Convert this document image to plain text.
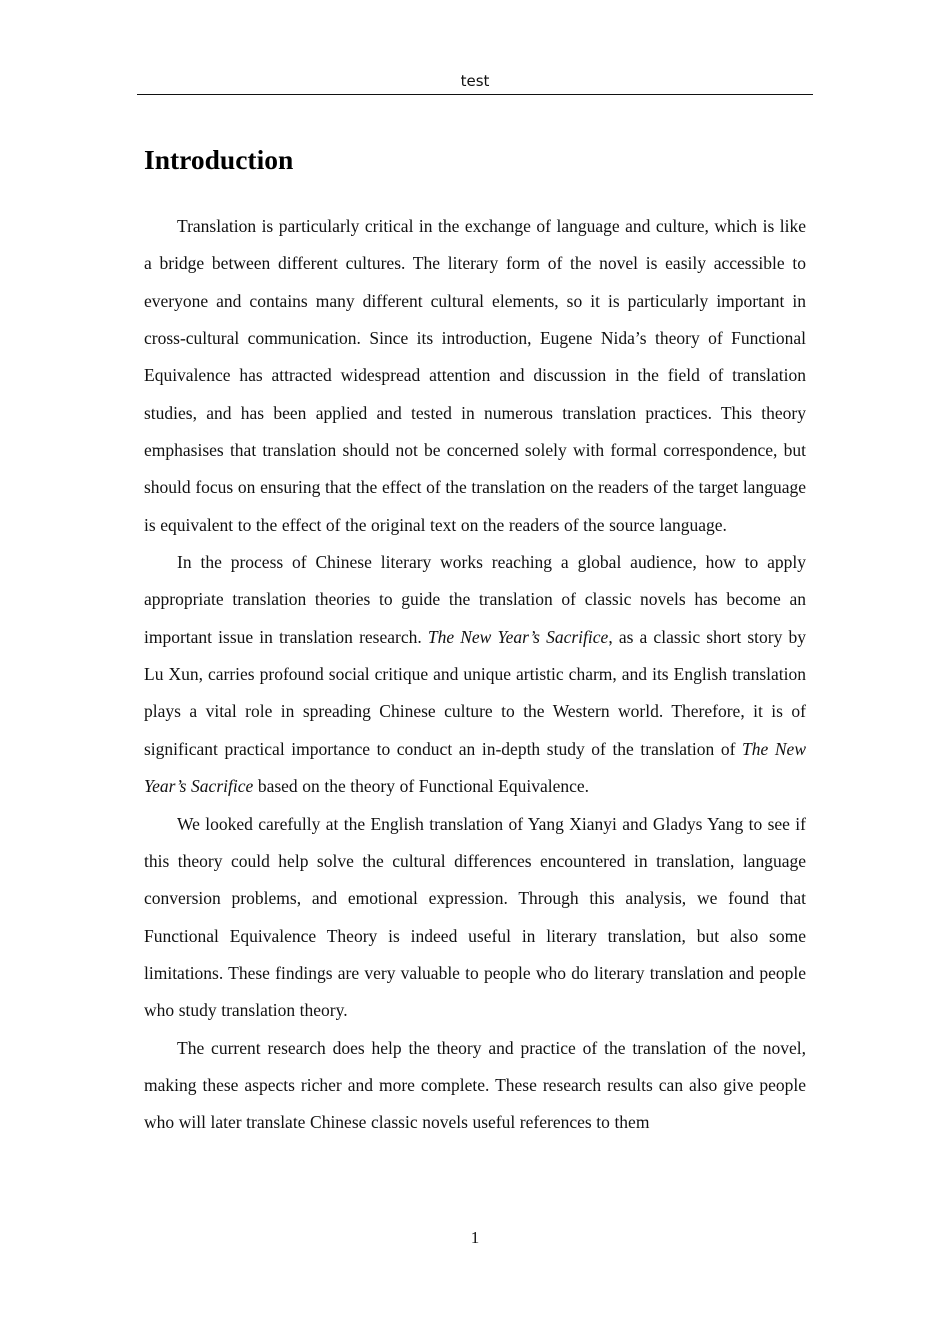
test
Introduction

Translation is particularly critical in the exchange of language and culture, which is like a bridge between different cultures. The literary form of the novel is easily accessible to everyone and contains many different cultural elements, so it is particularly important in cross-cultural communication. Since its introduction, Eugene Nida’s theory of Functional Equivalence has attracted widespread attention and discussion in the field of translation studies, and has been applied and tested in numerous translation practices. This theory emphasises that translation should not be concerned solely with formal correspondence, but should focus on ensuring that the effect of the translation on the readers of the target language is equivalent to the effect of the original text on the readers of the source language.

In the process of Chinese literary works reaching a global audience, how to apply appropriate translation theories to guide the translation of classic novels has become an important issue in translation research. The New Year’s Sacrifice, as a classic short story by Lu Xun, carries profound social critique and unique artistic charm, and its English translation plays a vital role in spreading Chinese culture to the Western world. Therefore, it is of significant practical importance to conduct an in-depth study of the translation of The New Year’s Sacrifice based on the theory of Functional Equivalence.

We looked carefully at the English translation of Yang Xianyi and Gladys Yang to see if this theory could help solve the cultural differences encountered in translation, language conversion problems, and emotional expression. Through this analysis, we found that Functional Equivalence Theory is indeed useful in literary translation, but also some limitations. These findings are very valuable to people who do literary translation and people who study translation theory.

The current research does help the theory and practice of the translation of the novel, making these aspects richer and more complete. These research results can also give people who will later translate Chinese classic novels useful references to them

1
